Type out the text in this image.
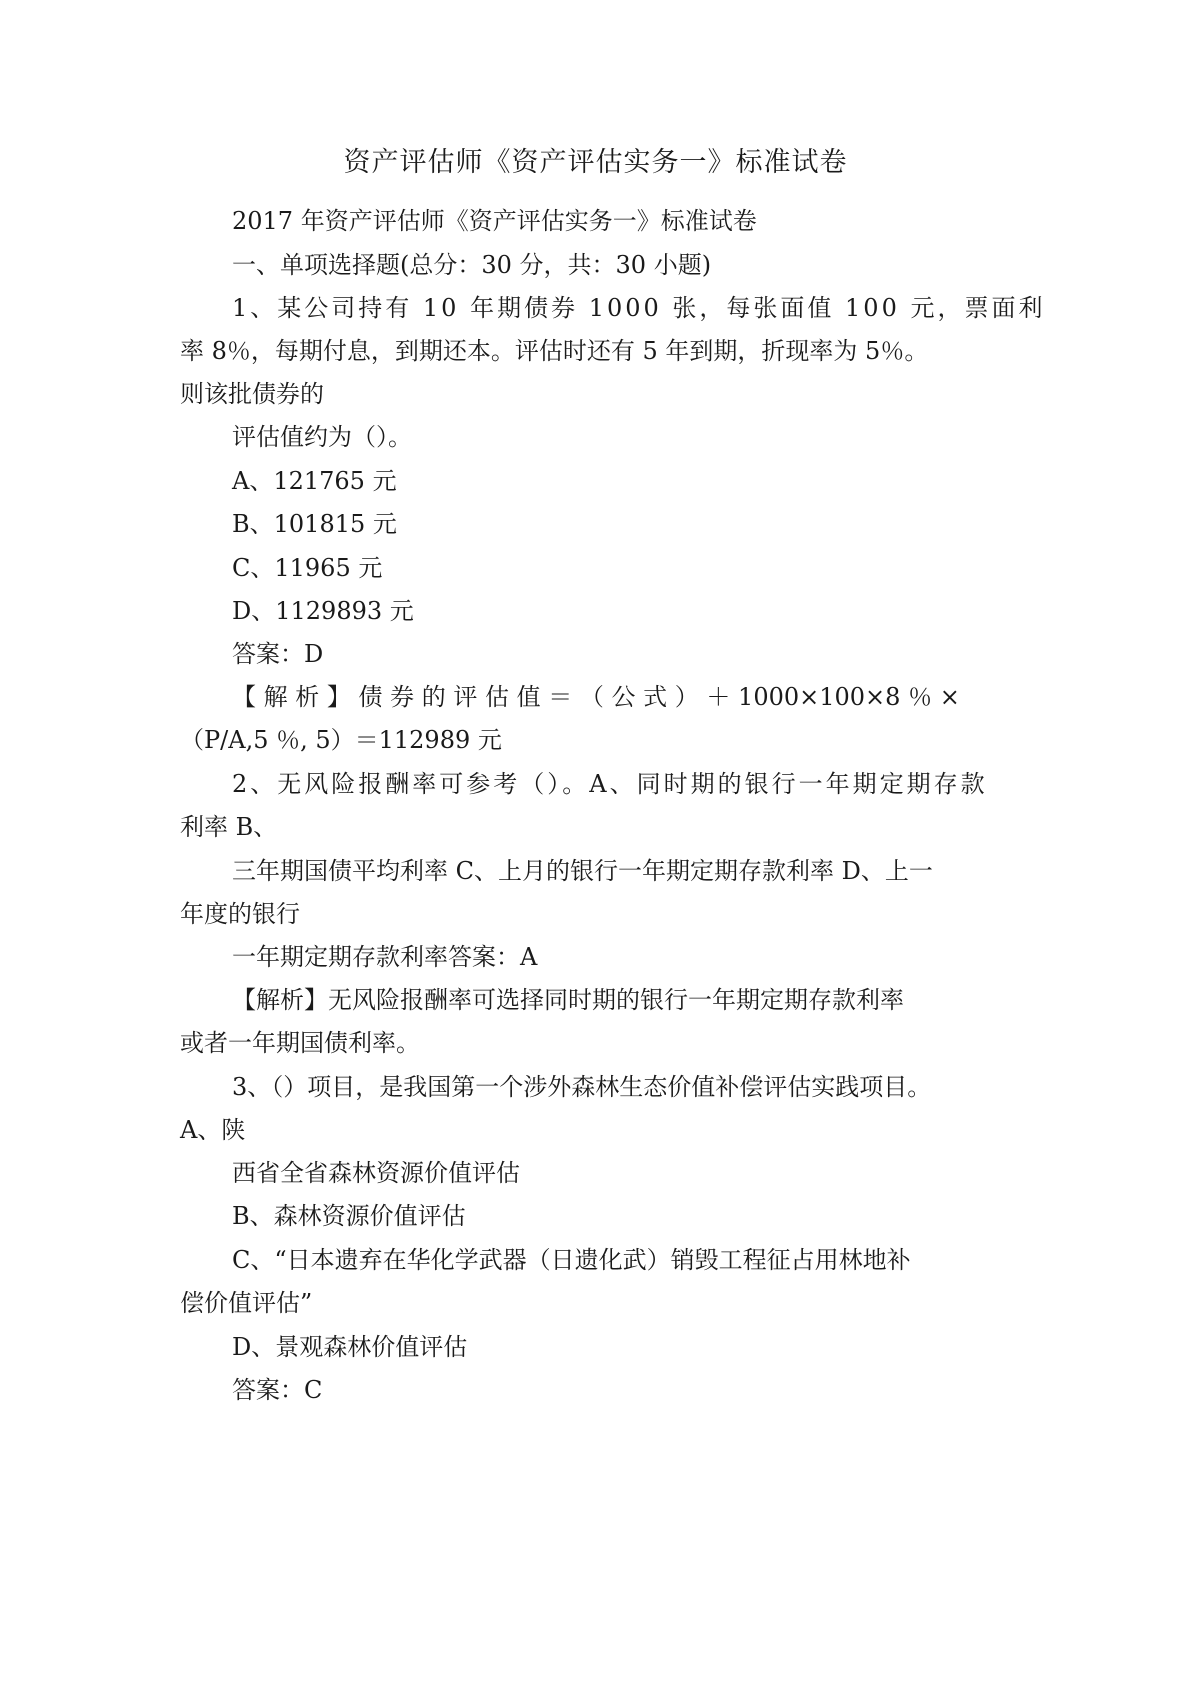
资产评估师《资产评估实务一》标准试卷
2017 年资产评估师《资产评估实务一》标准试卷
一、单项选择题(总分：30 分，共：30 小题)
1、某公司持有 10 年期债券 1000 张，每张面值 100 元，票面利
率 8％，每期付息，到期还本。评估时还有 5 年到期，折现率为 5％。
则该批债券的
评估值约为（）。
A、121765 元
B、101815 元
C、11965 元
D、1129893 元
答案：D
【 解 析 】 债 券 的 评 估 值 ＝ （ 公 式 ） ＋ 1000×100×8 ％ ×
（P/A,5 ％, 5）＝112989 元
2、无风险报酬率可参考（）。A、同时期的银行一年期定期存款
利率 B、
三年期国债平均利率 C、上月的银行一年期定期存款利率 D、上一
年度的银行
一年期定期存款利率答案：A
【解析】无风险报酬率可选择同时期的银行一年期定期存款利率
或者一年期国债利率。
3、（）项目，是我国第一个涉外森林生态价值补偿评估实践项目。
A、陕
西省全省森林资源价值评估
B、森林资源价值评估
C、“日本遗弃在华化学武器（日遗化武）销毁工程征占用林地补
偿价值评估”
D、景观森林价值评估
答案：C
